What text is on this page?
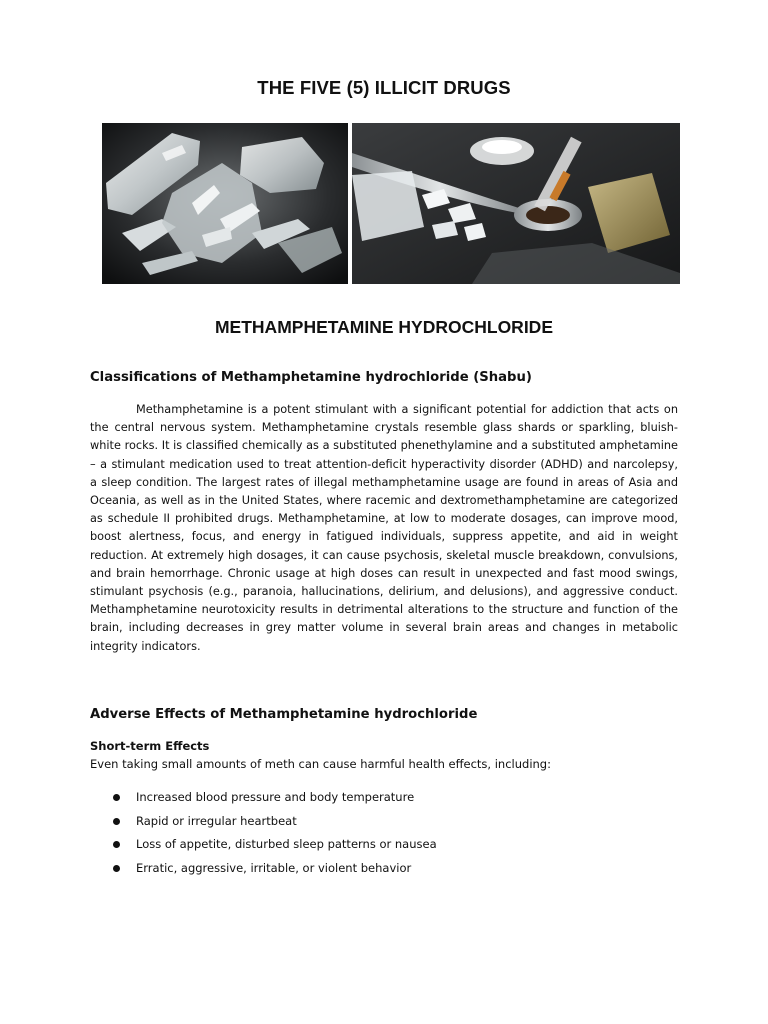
THE FIVE (5) ILLICIT DRUGS
METHAMPHETAMINE HYDROCHLORIDE
Classifications of Methamphetamine hydrochloride (Shabu)

Methamphetamine is a potent stimulant with a significant potential for addiction that acts on the central nervous system. Methamphetamine crystals resemble glass shards or sparkling, bluish-white rocks. It is classified chemically as a substituted phenethylamine and a substituted amphetamine – a stimulant medication used to treat attention-deficit hyperactivity disorder (ADHD) and narcolepsy, a sleep condition. The largest rates of illegal methamphetamine usage are found in areas of Asia and Oceania, as well as in the United States, where racemic and dextromethamphetamine are categorized as schedule II prohibited drugs. Methamphetamine, at low to moderate dosages, can improve mood, boost alertness, focus, and energy in fatigued individuals, suppress appetite, and aid in weight reduction. At extremely high dosages, it can cause psychosis, skeletal muscle breakdown, convulsions, and brain hemorrhage. Chronic usage at high doses can result in unexpected and fast mood swings, stimulant psychosis (e.g., paranoia, hallucinations, delirium, and delusions), and aggressive conduct. Methamphetamine neurotoxicity results in detrimental alterations to the structure and function of the brain, including decreases in grey matter volume in several brain areas and changes in metabolic integrity indicators.

Adverse Effects of Methamphetamine hydrochloride
Short-term Effects
Even taking small amounts of meth can cause harmful health effects, including:
Increased blood pressure and body temperature
Rapid or irregular heartbeat
Loss of appetite, disturbed sleep patterns or nausea
Erratic, aggressive, irritable, or violent behavior
